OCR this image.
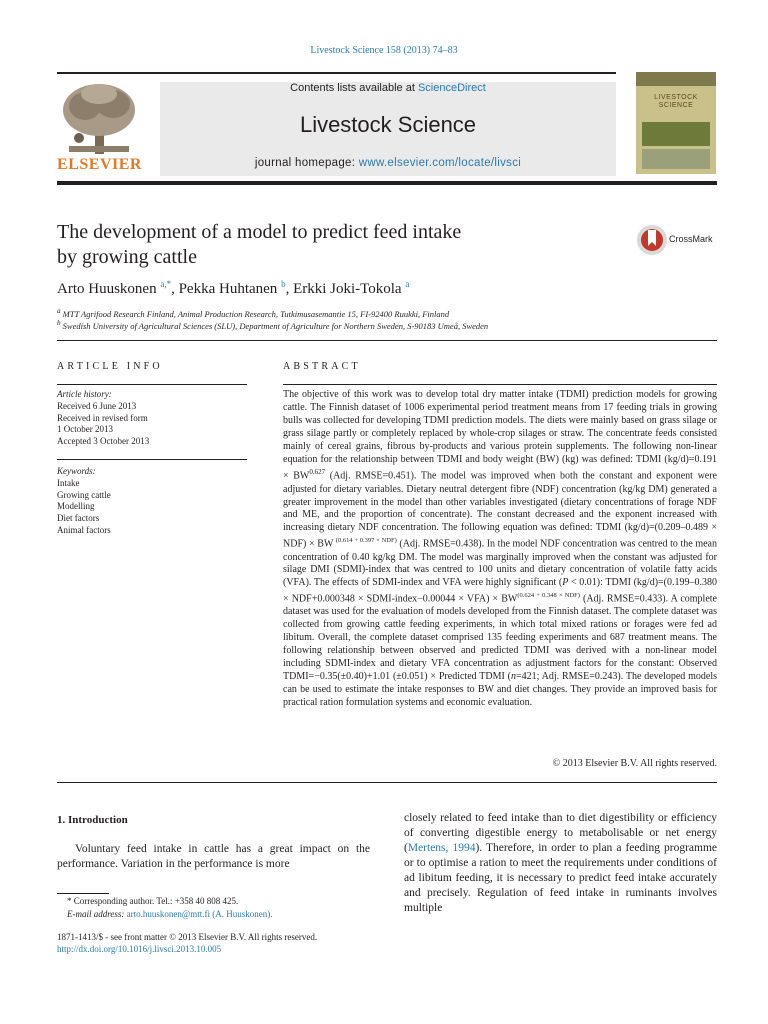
Livestock Science 158 (2013) 74–83
ELSEVIER
Contents lists available at ScienceDirect
Livestock Science
journal homepage: www.elsevier.com/locate/livsci
LIVESTOCK SCIENCE
The development of a model to predict feed intake
by growing cattle
CrossMark
Arto Huuskonen $^{a,*}$, Pekka Huhtanen $^b$, Erkki Joki-Tokola $^a$
$^a$ MTT Agrifood Research Finland, Animal Production Research, Tutkimusasemantie 15, FI-92400 Ruukki, Finland
$^b$ Swedish University of Agricultural Sciences (SLU), Department of Agriculture for Northern Sweden, S-90183 Umeå, Sweden
ARTICLE INFO
Article history:
Received 6 June 2013
Received in revised form
1 October 2013
Accepted 3 October 2013
Keywords:
Intake
Growing cattle
Modelling
Diet factors
Animal factors
ABSTRACT
The objective of this work was to develop total dry matter intake (TDMI) prediction models for growing cattle. The Finnish dataset of 1006 experimental period treatment means from 17 feeding trials in growing bulls was collected for developing TDMI prediction models. The diets were mainly based on grass silage or grass silage partly or completely replaced by whole-crop silages or straw. The concentrate feeds consisted mainly of cereal grains, fibrous by-products and various protein supplements. The following non-linear equation for the relationship between TDMI and body weight (BW) (kg) was defined: TDMI $(kg/d)=0.191 \times BW^{0.627}$ (Adj. RMSE=0.451). The model was improved when both the constant and exponent were adjusted for dietary variables. Dietary neutral detergent fibre (NDF) concentration (kg/kg DM) generated a greater improvement in the model than other variables investigated (dietary concentrations of forage NDF and ME, and the proportion of concentrate). The constant decreased and the exponent increased with increasing dietary NDF concentration. The following equation was defined: TDMI (kg/d)=(0.209–0.489 × NDF) × BW $^{(0.614 + 0.397 \times NDF)}$ (Adj. RMSE=0.438). In the model NDF concentration was centred to the mean concentration of 0.40 kg/kg DM. The model was marginally improved when the constant was adjusted for silage DMI (SDMI)-index that was centred to 100 units and dietary concentration of volatile fatty acids (VFA). The effects of SDMI-index and VFA were highly significant (P < 0.01): TDMI (kg/d)=(0.199–0.380 × NDF+0.000348 × SDMI-index−0.00044 × $VFA) \times BW^{(0.624 + 0.348 \times NDF)}$ (Adj. RMSE=0.433). A complete dataset was used for the evaluation of models developed from the Finnish dataset. The complete dataset was collected from growing cattle feeding experiments, in which total mixed rations or forages were fed ad libitum. Overall, the complete dataset comprised 135 feeding experiments and 687 treatment means. The following relationship between observed and predicted TDMI was derived with a non-linear model including SDMI-index and dietary VFA concentration as adjustment factors for the constant: Observed TDMI=−0.35(±0.40)+1.01 (±0.051) × Predicted TDMI (n=421; Adj. RMSE=0.243). The developed models can be used to estimate the intake responses to BW and diet changes. They provide an improved basis for practical ration formulation systems and economic evaluation.
© 2013 Elsevier B.V. All rights reserved.
1. Introduction
Voluntary feed intake in cattle has a great impact on the performance. Variation in the performance is more
closely related to feed intake than to diet digestibility or efficiency of converting digestible energy to metabolisable or net energy (Mertens, 1994). Therefore, in order to plan a feeding programme or to optimise a ration to meet the requirements under conditions of ad libitum feeding, it is necessary to predict feed intake accurately and precisely. Regulation of feed intake in ruminants involves multiple
* Corresponding author. Tel.: +358 40 808 425.
E-mail address: arto.huuskonen@mtt.fi (A. Huuskonen).
1871-1413/$ - see front matter © 2013 Elsevier B.V. All rights reserved.
http://dx.doi.org/10.1016/j.livsci.2013.10.005
